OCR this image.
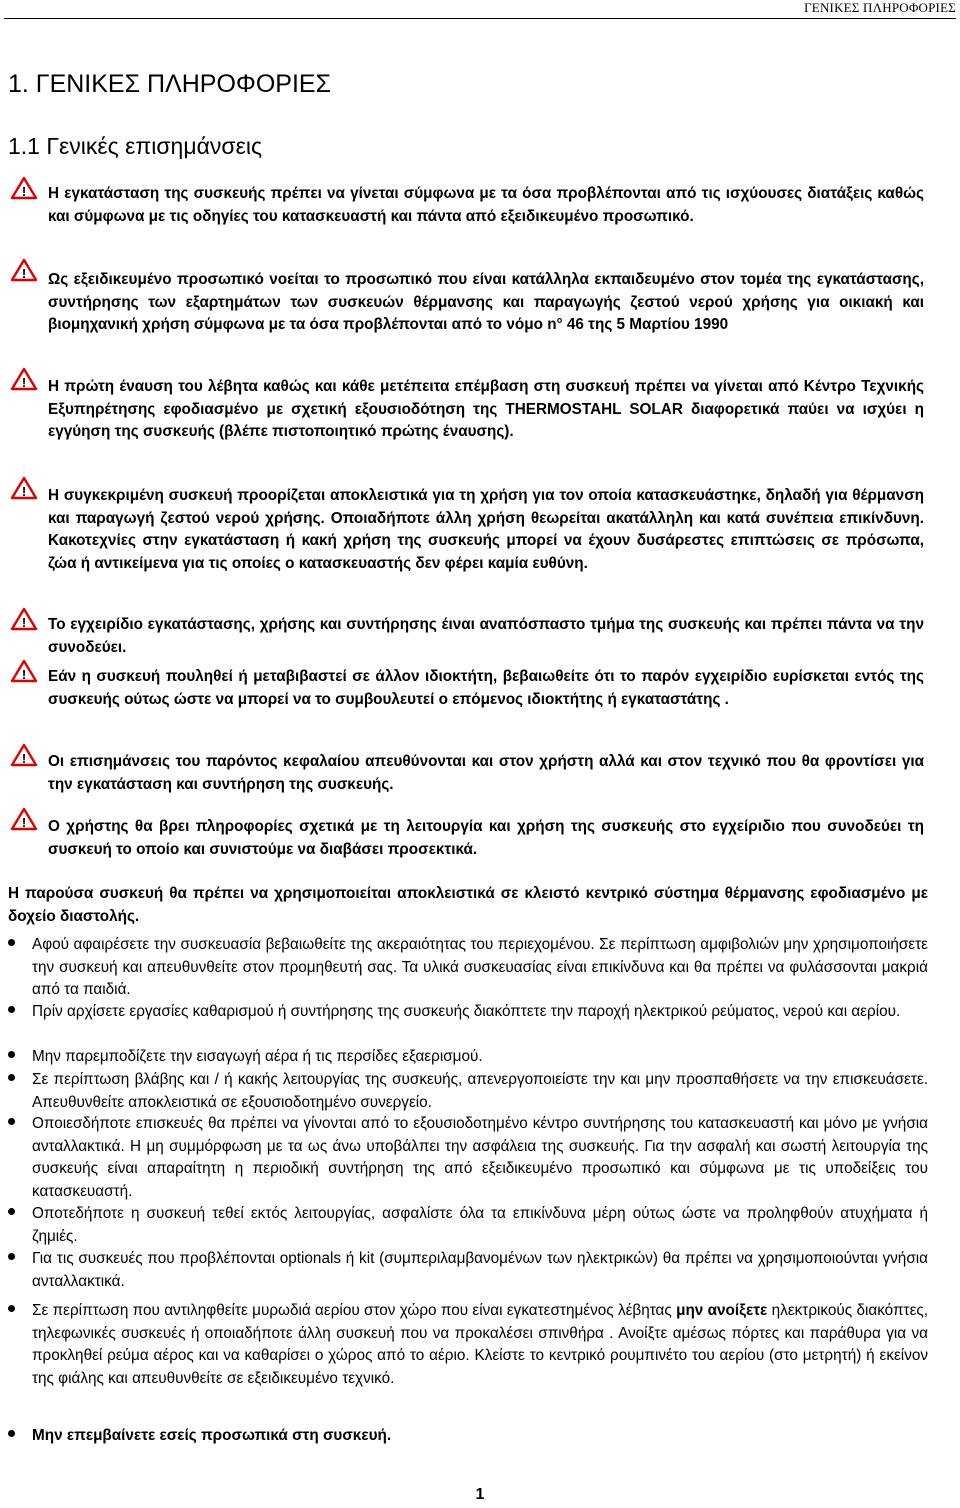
ΓΕΝΙΚΕΣ ΠΛΗΡΟΦΟΡΙΕΣ
1. ΓΕΝΙΚΕΣ ΠΛΗΡΟΦΟΡΙΕΣ
1.1 Γενικές επισημάνσεις
! Η εγκατάσταση της συσκευής πρέπει να γίνεται σύμφωνα με τα όσα προβλέπονται από τις ισχύουσες διατάξεις καθώς και σύμφωνα με τις οδηγίες του κατασκευαστή και πάντα από εξειδικευμένο προσωπικό.
! Ως εξειδικευμένο προσωπικό νοείται το προσωπικό που είναι κατάλληλα εκπαιδευμένο στον τομέα της εγκατάστασης, συντήρησης των εξαρτημάτων των συσκευών θέρμανσης και παραγωγής ζεστού νερού χρήσης για οικιακή και βιομηχανική χρήση σύμφωνα με τα όσα προβλέπονται από το νόμο n° 46 της 5 Μαρτίου 1990
! Η πρώτη έναυση του λέβητα καθώς και κάθε μετέπειτα επέμβαση στη συσκευή πρέπει να γίνεται από Κέντρο Τεχνικής Εξυπηρέτησης εφοδιασμένο με σχετική εξουσιοδότηση της THERMOSTAHL SOLAR διαφορετικά παύει να ισχύει η εγγύηση της συσκευής (βλέπε πιστοποιητικό πρώτης έναυσης).
! Η συγκεκριμένη συσκευή προορίζεται αποκλειστικά για τη χρήση για τον οποία κατασκευάστηκε, δηλαδή για θέρμανση και παραγωγή ζεστού νερού χρήσης. Οποιαδήποτε άλλη χρήση θεωρείται ακατάλληλη και κατά συνέπεια επικίνδυνη. Κακοτεχνίες στην εγκατάσταση ή κακή χρήση της συσκευής μπορεί να έχουν δυσάρεστες επιπτώσεις σε πρόσωπα, ζώα ή αντικείμενα για τις οποίες ο κατασκευαστής δεν φέρει καμία ευθύνη.
! Το εγχειρίδιο εγκατάστασης, χρήσης και συντήρησης έιναι αναπόσπαστο τμήμα της συσκευής και πρέπει πάντα να την συνοδεύει.
! Εάν η συσκευή πουληθεί ή μεταβιβαστεί σε άλλον ιδιοκτήτη, βεβαιωθείτε ότι το παρόν εγχειρίδιο ευρίσκεται εντός της συσκευής ούτως ώστε να μπορεί να το συμβουλευτεί ο επόμενος ιδιοκτήτης ή εγκαταστάτης .
! Οι επισημάνσεις του παρόντος κεφαλαίου απευθύνονται και στον χρήστη αλλά και στον τεχνικό που θα φροντίσει για την εγκατάσταση και συντήρηση της συσκευής.
! Ο χρήστης θα βρει πληροφορίες σχετικά με τη λειτουργία και χρήση της συσκευής στο εγχείριδιο που συνοδεύει τη συσκευή το οποίο και συνιστούμε να διαβάσει προσεκτικά.
Η παρούσα συσκευή θα πρέπει να χρησιμοποιείται αποκλειστικά σε κλειστό κεντρικό σύστημα θέρμανσης εφοδιασμένο με δοχείο διαστολής.
Αφού αφαιρέσετε την συσκευασία βεβαιωθείτε της ακεραιότητας του περιεχομένου. Σε περίπτωση αμφιβολιών μην χρησιμοποιήσετε την συσκευή και απευθυνθείτε στον προμηθευτή σας. Τα υλικά συσκευασίας είναι επικίνδυνα και θα πρέπει να φυλάσσονται μακριά από τα παιδιά.
Πρίν αρχίσετε εργασίες καθαρισμού ή συντήρησης της συσκευής διακόπτετε την παροχή ηλεκτρικού ρεύματος, νερού και αερίου.
Μην παρεμποδίζετε την εισαγωγή αέρα ή τις περσίδες εξαερισμού.
Σε περίπτωση βλάβης και / ή κακής λειτουργίας της συσκευής, απενεργοποιείστε την και μην προσπαθήσετε να την επισκευάσετε. Απευθυνθείτε αποκλειστικά σε εξουσιοδοτημένο συνεργείο.
Οποιεσδήποτε επισκευές θα πρέπει να γίνονται από το εξουσιοδοτημένο κέντρο συντήρησης του κατασκευαστή και μόνο με γνήσια ανταλλακτικά. Η μη συμμόρφωση με τα ως άνω υποβάλπει την ασφάλεια της συσκευής. Για την ασφαλή και σωστή λειτουργία της συσκευής είναι απαραίτητη η περιοδική συντήρηση της από εξειδικευμένο προσωπικό και σύμφωνα με τις υποδείξεις του κατασκευαστή.
Οποτεδήποτε η συσκευή τεθεί εκτός λειτουργίας, ασφαλίστε όλα τα επικίνδυνα μέρη ούτως ώστε να προληφθούν ατυχήματα ή ζημιές.
Για τις συσκευές που προβλέπονται optionals ή kit (συμπεριλαμβανομένων των ηλεκτρικών) θα πρέπει να χρησιμοποιούνται γνήσια ανταλλακτικά.
Σε περίπτωση που αντιληφθείτε μυρωδιά αερίου στον χώρο που είναι εγκατεστημένος λέβητας μην ανοίξετε ηλεκτρικούς διακόπτες, τηλεφωνικές συσκευές ή οποιαδήποτε άλλη συσκευή που να προκαλέσει σπινθήρα . Ανοίξτε αμέσως πόρτες και παράθυρα για να προκληθεί ρεύμα αέρος και να καθαρίσει ο χώρος από το αέριο. Κλείστε το κεντρικό ρουμπινέτο του αερίου (στο μετρητή) ή εκείνον της φιάλης και απευθυνθείτε σε εξειδικευμένο τεχνικό.
Μην επεμβαίνετε εσείς προσωπικά στη συσκευή.
1
